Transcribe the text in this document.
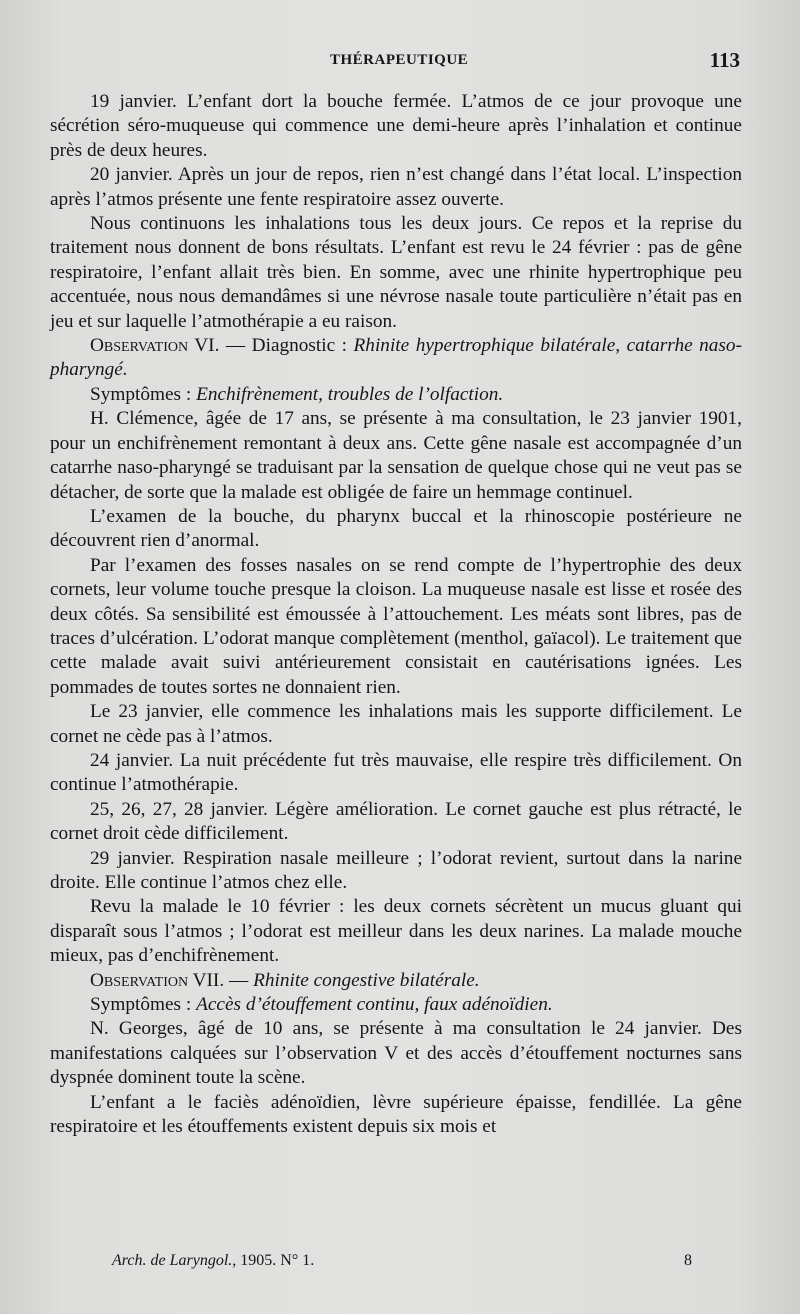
THÉRAPEUTIQUE	113

19 janvier. L’enfant dort la bouche fermée. L’atmos de ce jour provoque une sécrétion séro-muqueuse qui commence une demi-heure après l’inhalation et continue près de deux heures.

20 janvier. Après un jour de repos, rien n’est changé dans l’état local. L’inspection après l’atmos présente une fente respiratoire assez ouverte.

Nous continuons les inhalations tous les deux jours. Ce repos et la reprise du traitement nous donnent de bons résultats. L’enfant est revu le 24 février : pas de gêne respiratoire, l’enfant allait très bien. En somme, avec une rhinite hypertrophique peu accentuée, nous nous demandâmes si une névrose nasale toute particulière n’était pas en jeu et sur laquelle l’atmothérapie a eu raison.

Observation VI. — Diagnostic : Rhinite hypertrophique bilatérale, catarrhe naso-pharyngé.

Symptômes : Enchifrènement, troubles de l’olfaction.

H. Clémence, âgée de 17 ans, se présente à ma consultation, le 23 janvier 1901, pour un enchifrènement remontant à deux ans. Cette gêne nasale est accompagnée d’un catarrhe naso-pharyngé se traduisant par la sensation de quelque chose qui ne veut pas se détacher, de sorte que la malade est obligée de faire un hemmage continuel.

L’examen de la bouche, du pharynx buccal et la rhinoscopie postérieure ne découvrent rien d’anormal.

Par l’examen des fosses nasales on se rend compte de l’hypertrophie des deux cornets, leur volume touche presque la cloison. La muqueuse nasale est lisse et rosée des deux côtés. Sa sensibilité est émoussée à l’attouchement. Les méats sont libres, pas de traces d’ulcération. L’odorat manque complètement (menthol, gaïacol). Le traitement que cette malade avait suivi antérieurement consistait en cautérisations ignées. Les pommades de toutes sortes ne donnaient rien.

Le 23 janvier, elle commence les inhalations mais les supporte difficilement. Le cornet ne cède pas à l’atmos.

24 janvier. La nuit précédente fut très mauvaise, elle respire très difficilement. On continue l’atmothérapie.

25, 26, 27, 28 janvier. Légère amélioration. Le cornet gauche est plus rétracté, le cornet droit cède difficilement.

29 janvier. Respiration nasale meilleure ; l’odorat revient, surtout dans la narine droite. Elle continue l’atmos chez elle.

Revu la malade le 10 février : les deux cornets sécrètent un mucus gluant qui disparaît sous l’atmos ; l’odorat est meilleur dans les deux narines. La malade mouche mieux, pas d’enchifrènement.

Observation VII. — Rhinite congestive bilatérale.

Symptômes : Accès d’étouffement continu, faux adénoïdien.

N. Georges, âgé de 10 ans, se présente à ma consultation le 24 janvier. Des manifestations calquées sur l’observation V et des accès d’étouffement nocturnes sans dyspnée dominent toute la scène.

L’enfant a le faciès adénoïdien, lèvre supérieure épaisse, fendillée. La gêne respiratoire et les étouffements existent depuis six mois et

Arch. de Laryngol., 1905. N° 1.	8
